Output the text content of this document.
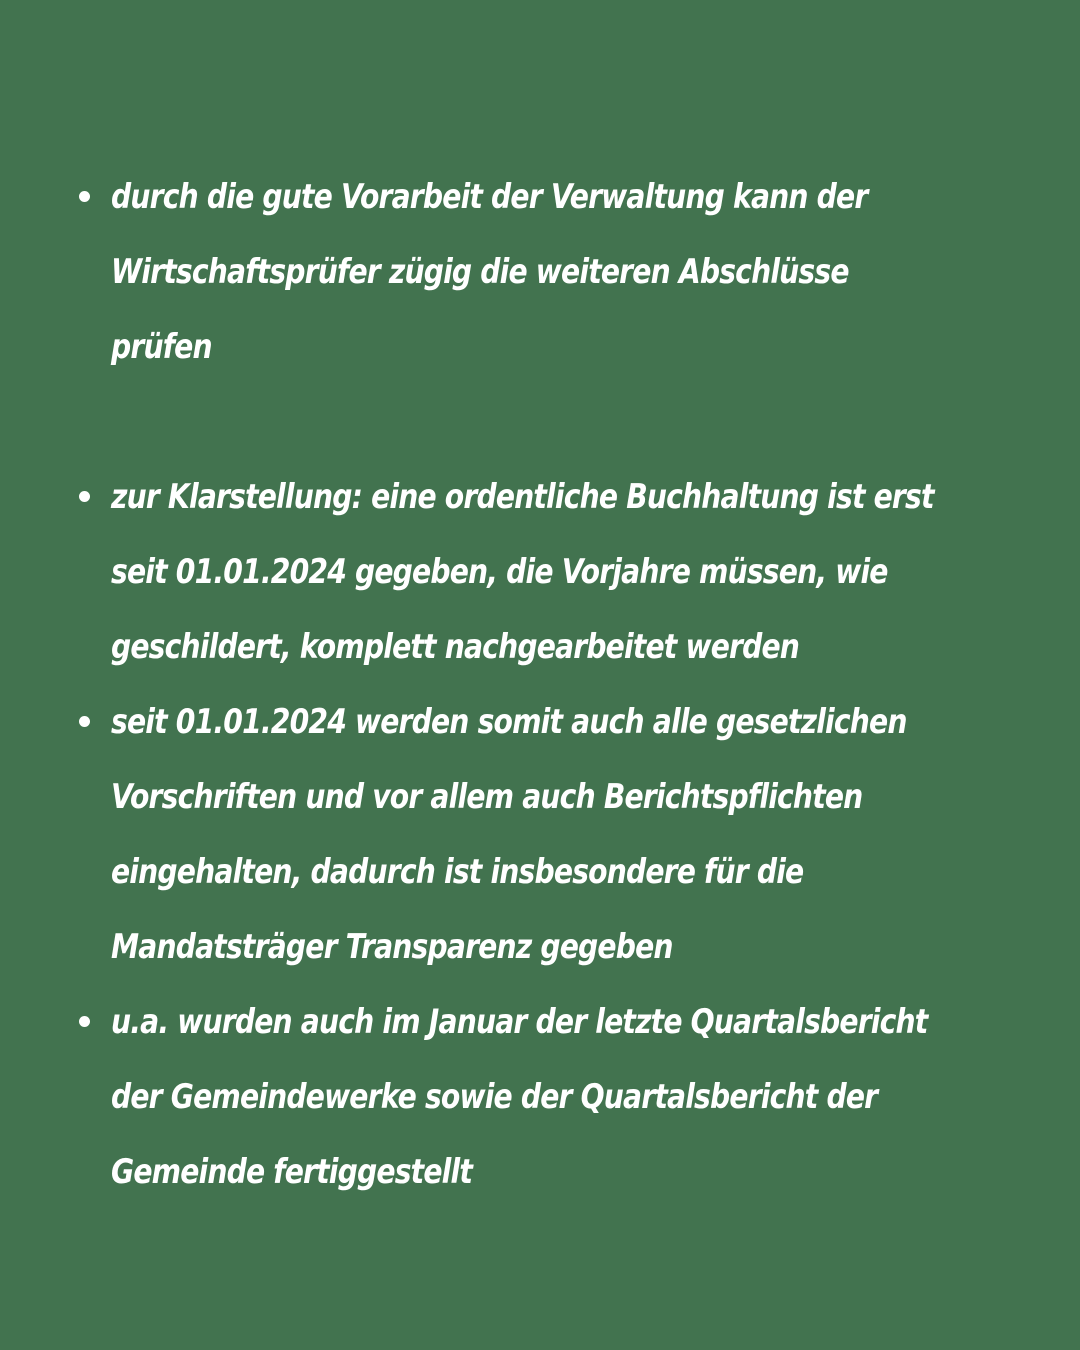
durch die gute Vorarbeit der Verwaltung kann der
Wirtschaftsprüfer zügig die weiteren Abschlüsse
prüfen
zur Klarstellung: eine ordentliche Buchhaltung ist erst
seit 01.01.2024 gegeben, die Vorjahre müssen, wie
geschildert, komplett nachgearbeitet werden
seit 01.01.2024 werden somit auch alle gesetzlichen
Vorschriften und vor allem auch Berichtspflichten
eingehalten, dadurch ist insbesondere für die
Mandatsträger Transparenz gegeben
u.a. wurden auch im Januar der letzte Quartalsbericht
der Gemeindewerke sowie der Quartalsbericht der
Gemeinde fertiggestellt
